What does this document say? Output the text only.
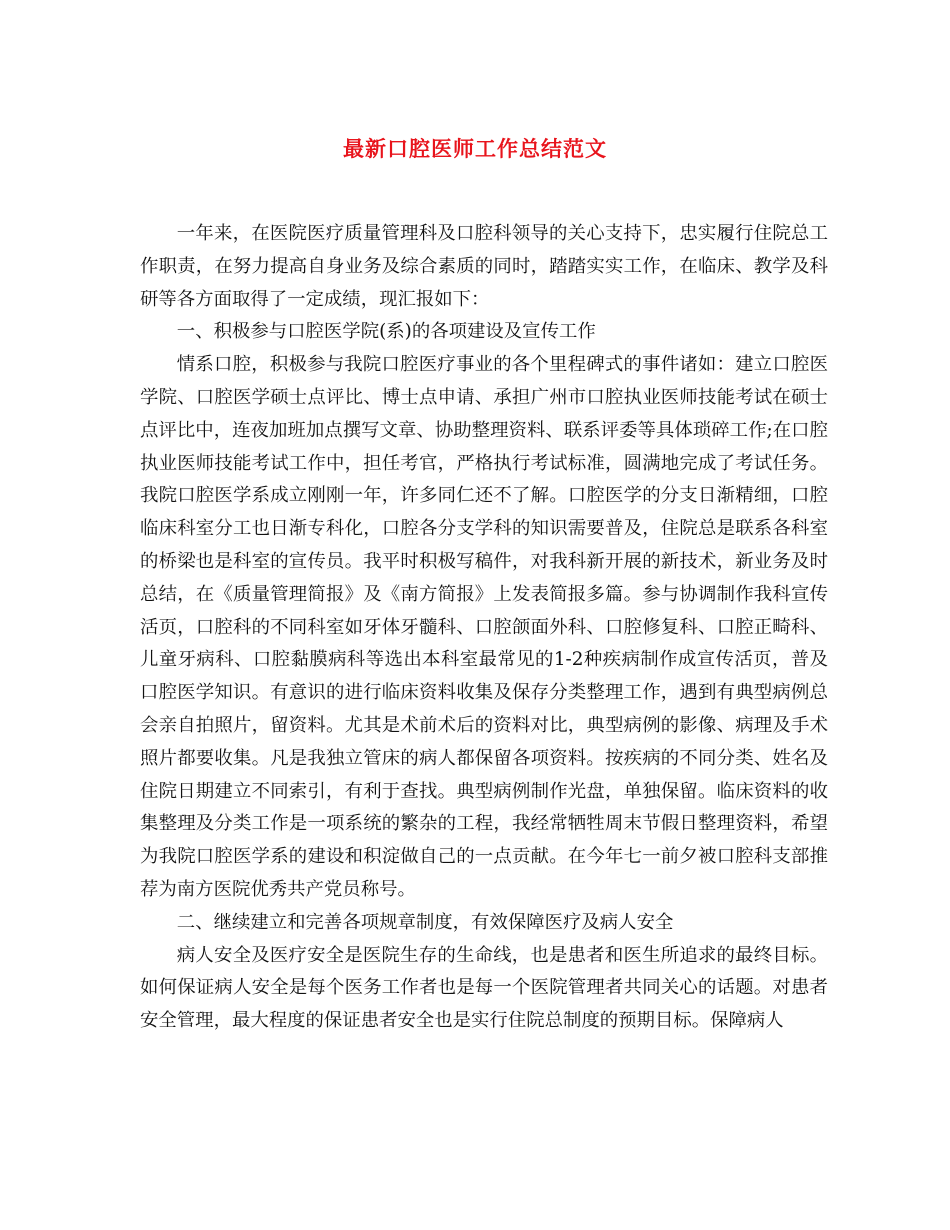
最新口腔医师工作总结范文

一年来，在医院医疗质量管理科及口腔科领导的关心支持下，忠实履行住院总工作职责，在努力提高自身业务及综合素质的同时，踏踏实实工作，在临床、教学及科研等各方面取得了一定成绩，现汇报如下：

一、积极参与口腔医学院(系)的各项建设及宣传工作

情系口腔，积极参与我院口腔医疗事业的各个里程碑式的事件诸如：建立口腔医学院、口腔医学硕士点评比、博士点申请、承担广州市口腔执业医师技能考试在硕士点评比中，连夜加班加点撰写文章、协助整理资料、联系评委等具体琐碎工作;在口腔执业医师技能考试工作中，担任考官，严格执行考试标准，圆满地完成了考试任务。我院口腔医学系成立刚刚一年，许多同仁还不了解。口腔医学的分支日渐精细，口腔临床科室分工也日渐专科化，口腔各分支学科的知识需要普及，住院总是联系各科室的桥梁也是科室的宣传员。我平时积极写稿件，对我科新开展的新技术，新业务及时总结，在《质量管理简报》及《南方简报》上发表简报多篇。参与协调制作我科宣传活页，口腔科的不同科室如牙体牙髓科、口腔颌面外科、口腔修复科、口腔正畸科、儿童牙病科、口腔黏膜病科等选出本科室最常见的1-2种疾病制作成宣传活页，普及口腔医学知识。有意识的进行临床资料收集及保存分类整理工作，遇到有典型病例总会亲自拍照片，留资料。尤其是术前术后的资料对比，典型病例的影像、病理及手术照片都要收集。凡是我独立管床的病人都保留各项资料。按疾病的不同分类、姓名及住院日期建立不同索引，有利于查找。典型病例制作光盘，单独保留。临床资料的收集整理及分类工作是一项系统的繁杂的工程，我经常牺牲周末节假日整理资料，希望为我院口腔医学系的建设和积淀做自己的一点贡献。在今年七一前夕被口腔科支部推荐为南方医院优秀共产党员称号。

二、继续建立和完善各项规章制度，有效保障医疗及病人安全

病人安全及医疗安全是医院生存的生命线，也是患者和医生所追求的最终目标。如何保证病人安全是每个医务工作者也是每一个医院管理者共同关心的话题。对患者安全管理，最大程度的保证患者安全也是实行住院总制度的预期目标。保障病人
